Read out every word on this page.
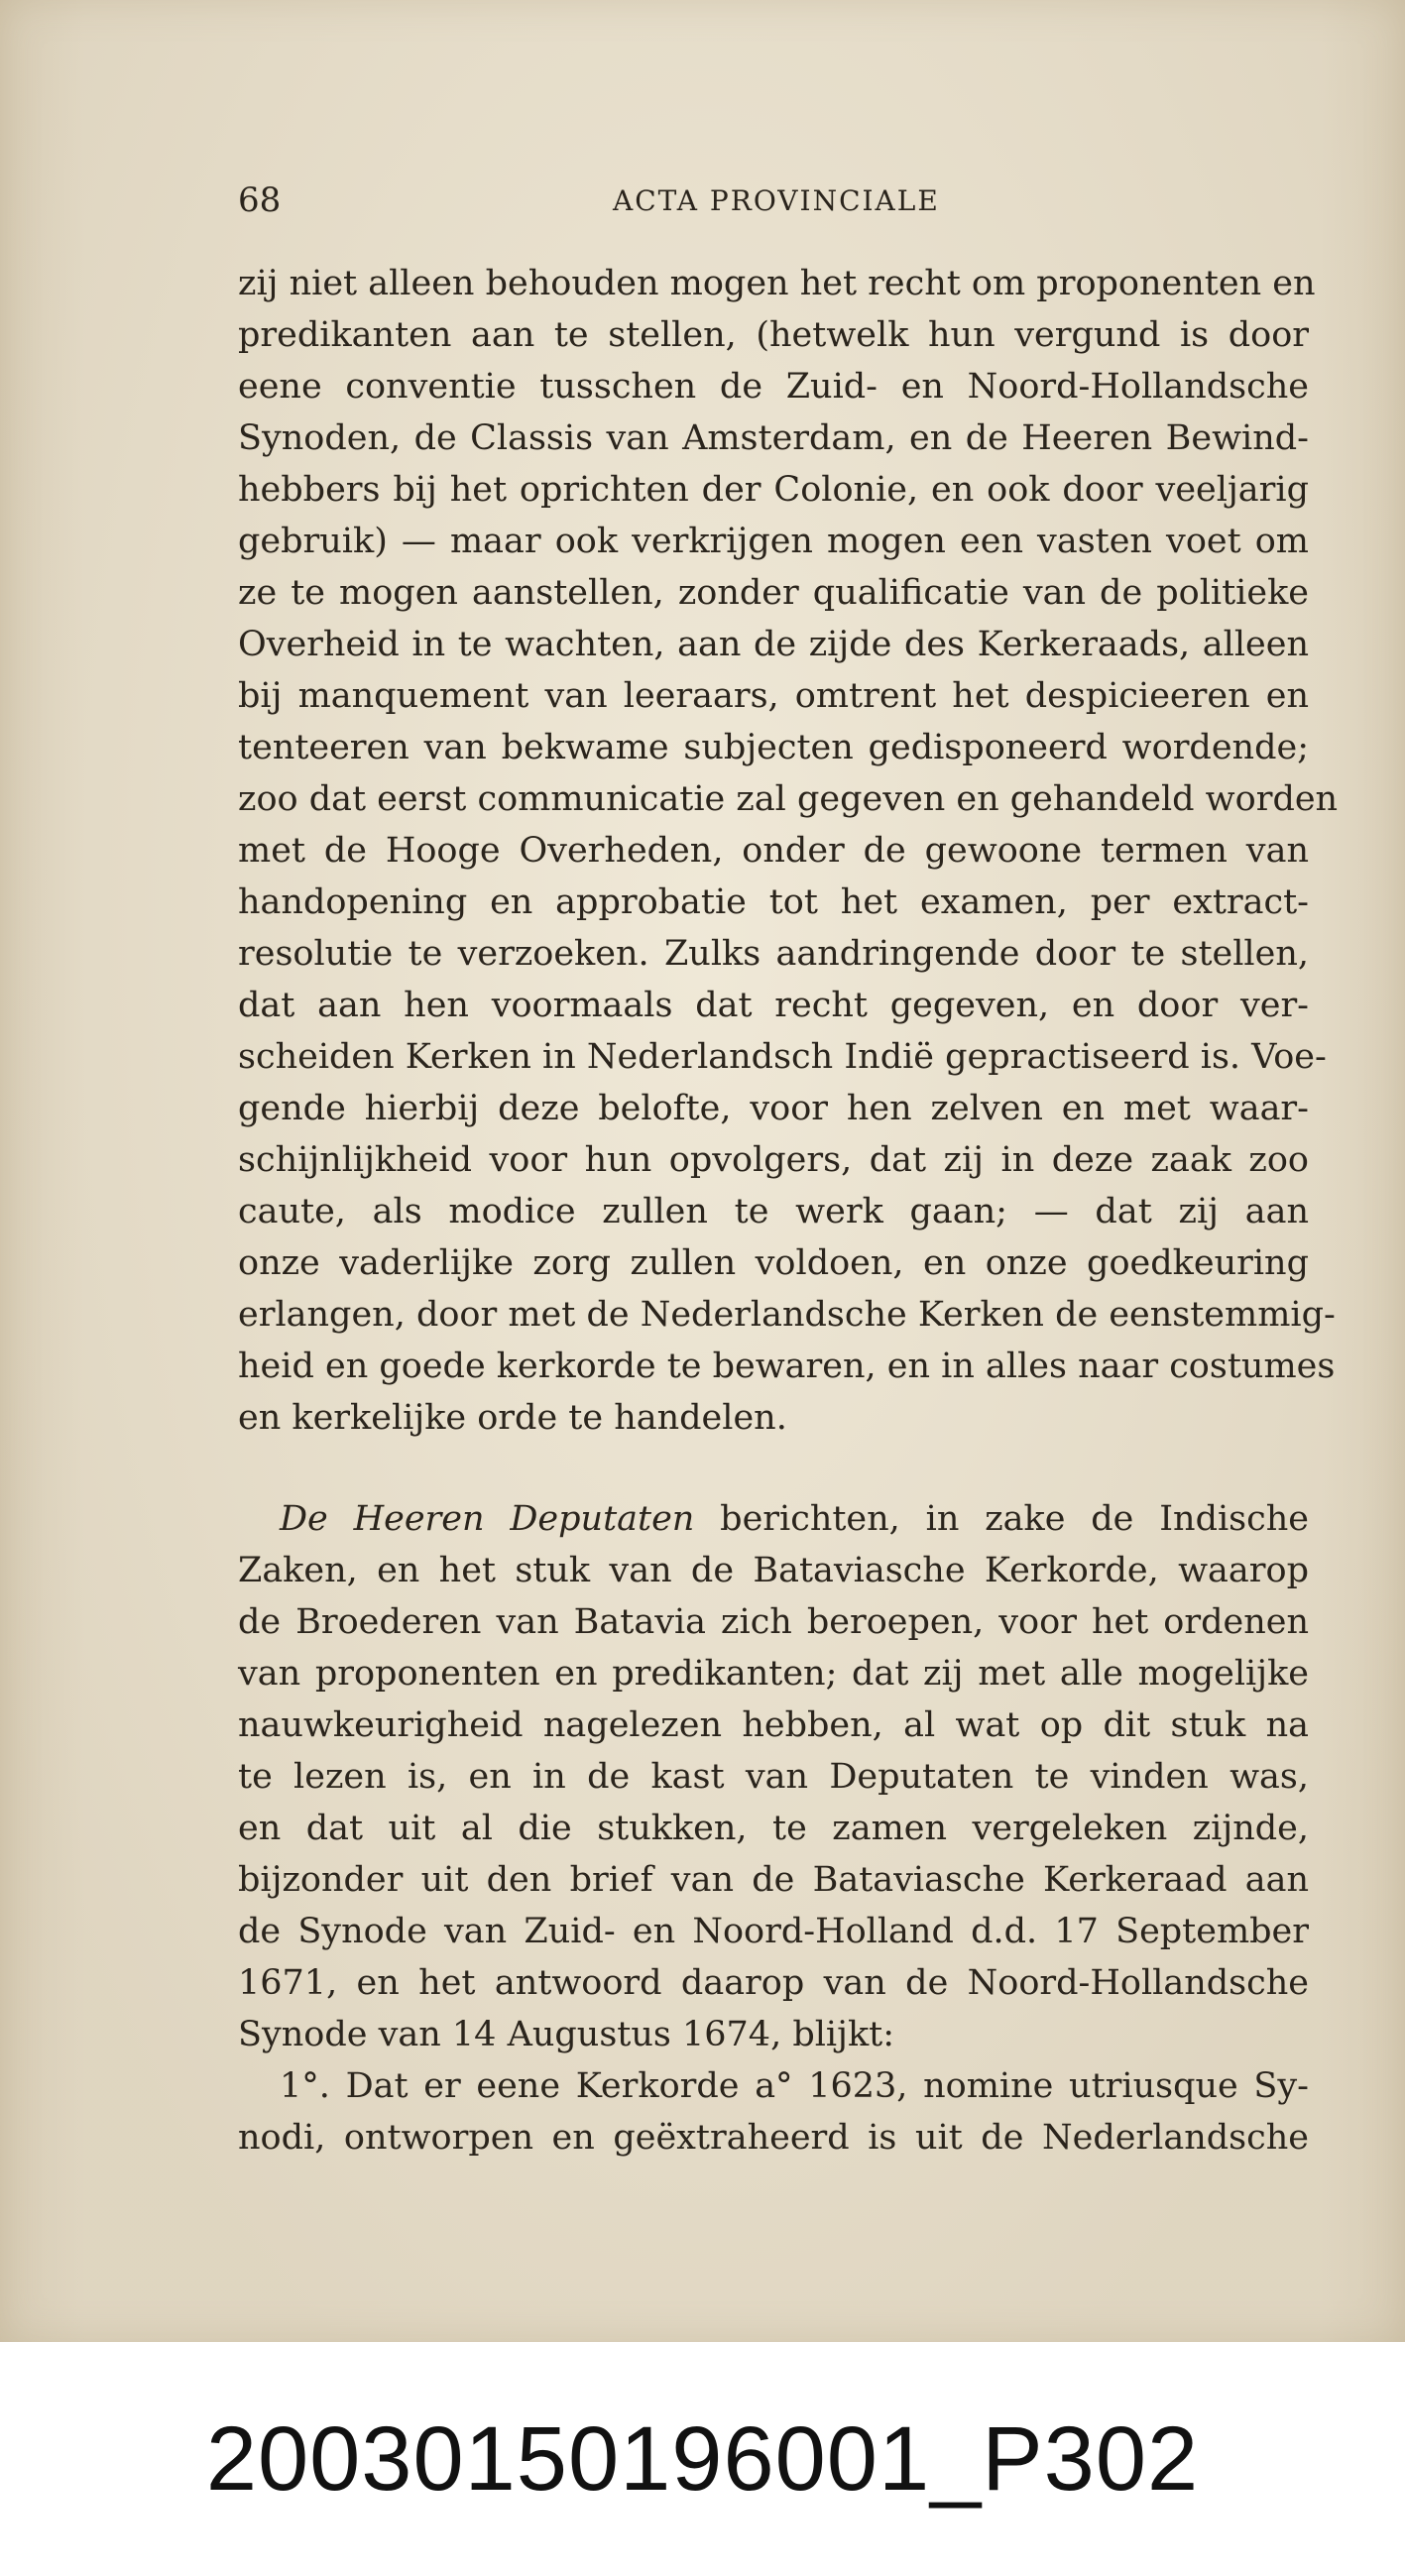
68	ACTA PROVINCIALE
zij niet alleen behouden mogen het recht om proponenten en
predikanten aan te stellen, (hetwelk hun vergund is door
eene conventie tusschen de Zuid- en Noord-Hollandsche
Synoden, de Classis van Amsterdam, en de Heeren Bewind-
hebbers bij het oprichten der Colonie, en ook door veeljarig
gebruik) — maar ook verkrijgen mogen een vasten voet om
ze te mogen aanstellen, zonder qualificatie van de politieke
Overheid in te wachten, aan de zijde des Kerkeraads, alleen
bij manquement van leeraars, omtrent het despicieeren en
tenteeren van bekwame subjecten gedisponeerd wordende;
zoo dat eerst communicatie zal gegeven en gehandeld worden
met de Hooge Overheden, onder de gewoone termen van
handopening en approbatie tot het examen, per extract-
resolutie te verzoeken. Zulks aandringende door te stellen,
dat aan hen voormaals dat recht gegeven, en door ver-
scheiden Kerken in Nederlandsch Indië gepractiseerd is. Voe-
gende hierbij deze belofte, voor hen zelven en met waar-
schijnlijkheid voor hun opvolgers, dat zij in deze zaak zoo
caute, als modice zullen te werk gaan; — dat zij aan
onze vaderlijke zorg zullen voldoen, en onze goedkeuring
erlangen, door met de Nederlandsche Kerken de eenstemmig-
heid en goede kerkorde te bewaren, en in alles naar costumes
en kerkelijke orde te handelen.
De Heeren Deputaten berichten, in zake de Indische
Zaken, en het stuk van de Bataviasche Kerkorde, waarop
de Broederen van Batavia zich beroepen, voor het ordenen
van proponenten en predikanten; dat zij met alle mogelijke
nauwkeurigheid nagelezen hebben, al wat op dit stuk na
te lezen is, en in de kast van Deputaten te vinden was,
en dat uit al die stukken, te zamen vergeleken zijnde,
bijzonder uit den brief van de Bataviasche Kerkeraad aan
de Synode van Zuid- en Noord-Holland d.d. 17 September
1671, en het antwoord daarop van de Noord-Hollandsche
Synode van 14 Augustus 1674, blijkt:
1°. Dat er eene Kerkorde a° 1623, nomine utriusque Sy-
nodi, ontworpen en geëxtraheerd is uit de Nederlandsche
20030150196001_P302
